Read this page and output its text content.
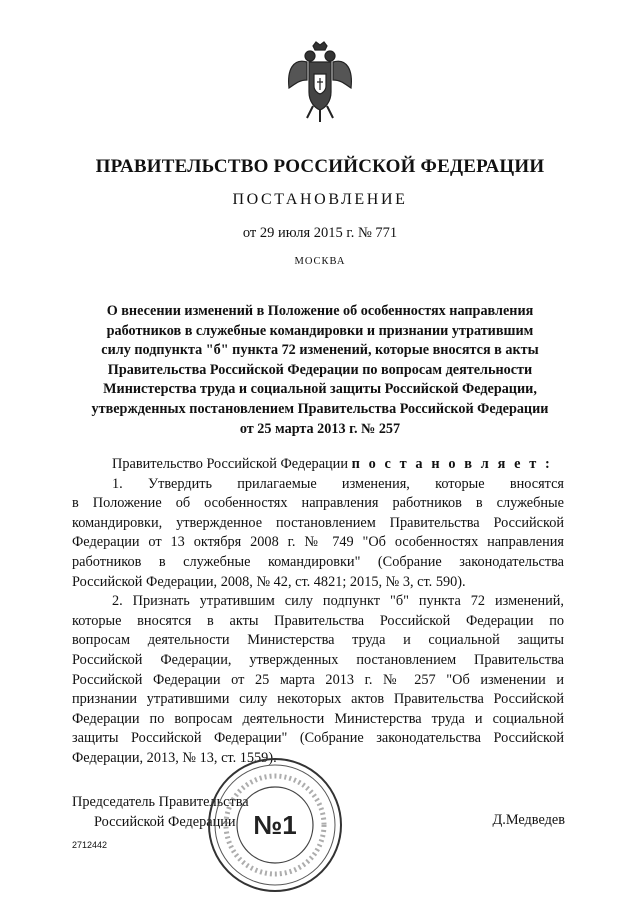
ПРАВИТЕЛЬСТВО РОССИЙСКОЙ ФЕДЕРАЦИИ
ПОСТАНОВЛЕНИЕ
от 29 июля 2015 г. № 771
МОСКВА
О внесении изменений в Положение об особенностях направления
работников в служебные командировки и признании утратившим
силу подпункта "б" пункта 72 изменений, которые вносятся в акты
Правительства Российской Федерации по вопросам деятельности
Министерства труда и социальной защиты Российской Федерации,
утвержденных постановлением Правительства Российской Федерации
от 25 марта 2013 г. № 257
Правительство Российской Федерации п о с т а н о в л я е т :
1. Утвердить прилагаемые изменения, которые вносятся
в Положение об особенностях направления работников в служебные
командировки, утвержденное постановлением Правительства Российской
Федерации от 13 октября 2008 г. № 749 "Об особенностях направления
работников в служебные командировки" (Собрание законодательства
Российской Федерации, 2008, № 42, ст. 4821; 2015, № 3, ст. 590).
2. Признать утратившим силу подпункт "б" пункта 72 изменений,
которые вносятся в акты Правительства Российской Федерации по
вопросам деятельности Министерства труда и социальной защиты
Российской Федерации, утвержденных постановлением Правительства
Российской Федерации от 25 марта 2013 г. № 257 "Об изменении и
признании утратившими силу некоторых актов Правительства Российской
Федерации по вопросам деятельности Министерства труда и социальной
защиты Российской Федерации" (Собрание законодательства Российской
Федерации, 2013, № 13, ст. 1559).
Председатель Правительства
Российской Федерации	Д.Медведев
2712442
№1
